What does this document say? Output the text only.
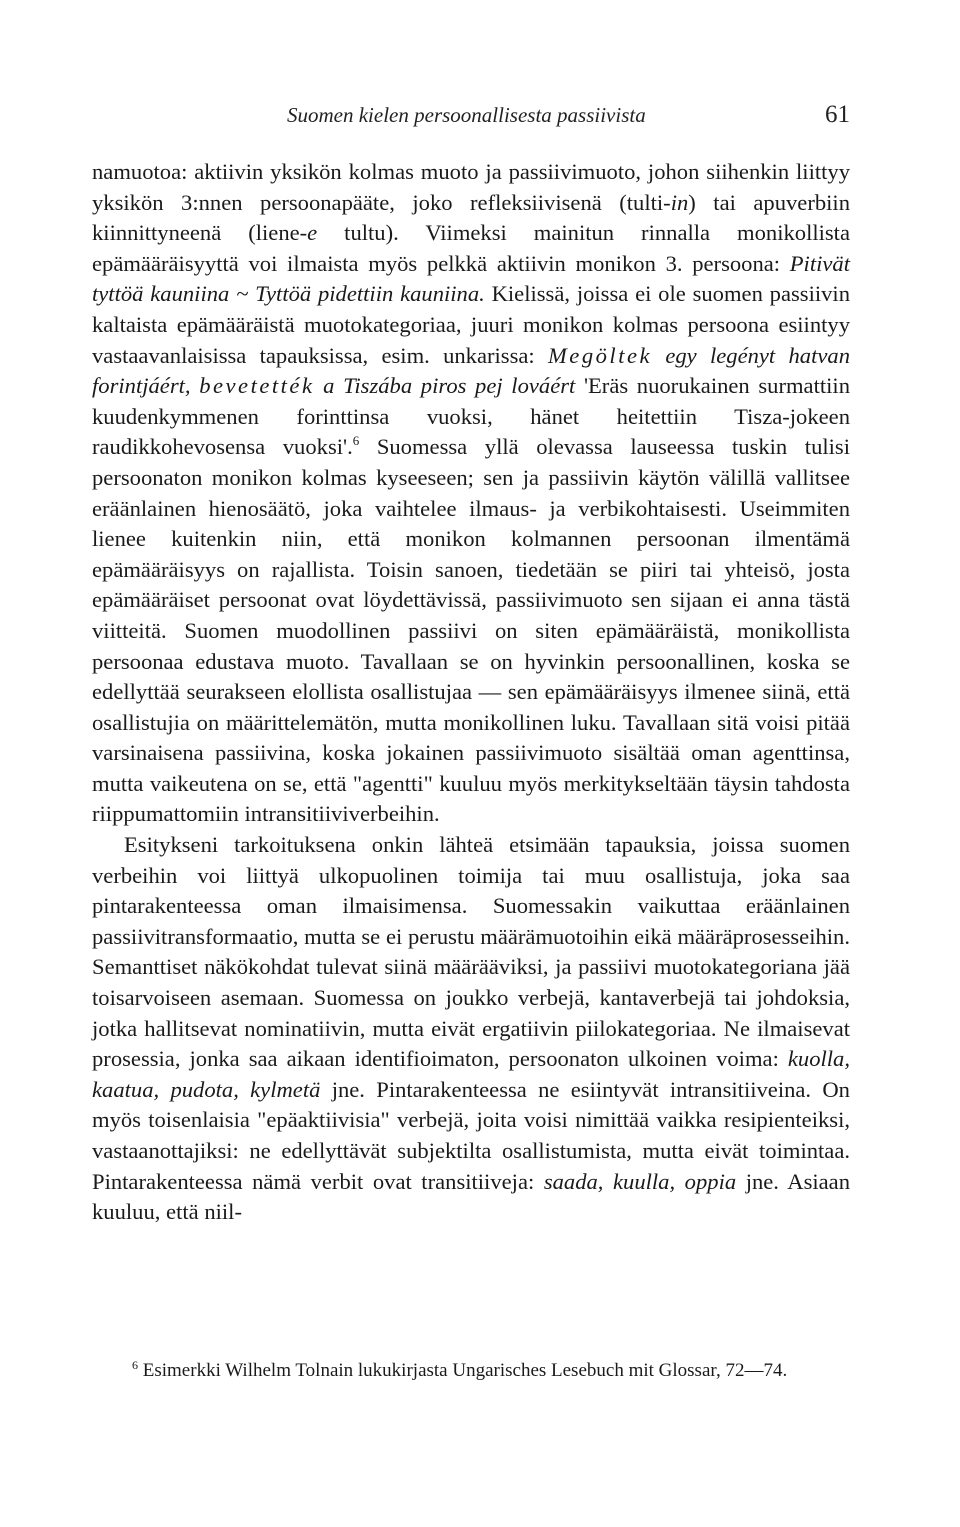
Suomen kielen persoonallisesta passiivista	61

namuotoa: aktiivin yksikön kolmas muoto ja passiivimuoto, johon siihenkin liittyy yksikön 3:nnen persoonapääte, joko refleksiivisenä (tulti-in) tai apuverbiin kiinnittyneenä (liene-e tultu). Viimeksi mainitun rinnalla monikollista epämääräisyyttä voi ilmaista myös pelkkä aktiivin monikon 3. persoona: Pitivät tyttöä kauniina ~ Tyttöä pidettiin kauniina. Kielissä, joissa ei ole suomen passiivin kaltaista epämääräistä muotokategoriaa, juuri monikon kolmas persoona esiintyy vastaavanlaisissa tapauksissa, esim. unkarissa: Megöltek egy legényt hatvan forintjáért, bevetették a Tiszába piros pej lováért 'Eräs nuorukainen surmattiin kuudenkymmenen forinttinsa vuoksi, hänet heitettiin Tisza-jokeen raudikkohevosensa vuoksi'.$^6$ Suomessa yllä olevassa lauseessa tuskin tulisi persoonaton monikon kolmas kyseeseen; sen ja passiivin käytön välillä vallitsee eräänlainen hienosäätö, joka vaihtelee ilmaus- ja verbikohtaisesti. Useimmiten lienee kuitenkin niin, että monikon kolmannen persoonan ilmentämä epämääräisyys on rajallista. Toisin sanoen, tiedetään se piiri tai yhteisö, josta epämääräiset persoonat ovat löydettävissä, passiivimuoto sen sijaan ei anna tästä viitteitä. Suomen muodollinen passiivi on siten epämääräistä, monikollista persoonaa edustava muoto. Tavallaan se on hyvinkin persoonallinen, koska se edellyttää seurakseen elollista osallistujaa — sen epämääräisyys ilmenee siinä, että osallistujia on määrittelemätön, mutta monikollinen luku. Tavallaan sitä voisi pitää varsinaisena passiivina, koska jokainen passiivimuoto sisältää oman agenttinsa, mutta vaikeutena on se, että "agentti" kuuluu myös merkitykseltään täysin tahdosta riippumattomiin intransitiiviverbeihin.

Esitykseni tarkoituksena onkin lähteä etsimään tapauksia, joissa suomen verbeihin voi liittyä ulkopuolinen toimija tai muu osallistuja, joka saa pintarakenteessa oman ilmaisimensa. Suomessakin vaikuttaa eräänlainen passiivitransformaatio, mutta se ei perustu määrämuotoihin eikä määräprosesseihin. Semanttiset näkökohdat tulevat siinä määrääviksi, ja passiivi muotokategoriana jää toisarvoiseen asemaan. Suomessa on joukko verbejä, kantaverbejä tai johdoksia, jotka hallitsevat nominatiivin, mutta eivät ergatiivin piilokategoriaa. Ne ilmaisevat prosessia, jonka saa aikaan identifioimaton, persoonaton ulkoinen voima: kuolla, kaatua, pudota, kylmetä jne. Pintarakenteessa ne esiintyvät intransitiiveina. On myös toisenlaisia "epäaktiivisia" verbejä, joita voisi nimittää vaikka resipienteiksi, vastaanottajiksi: ne edellyttävät subjektilta osallistumista, mutta eivät toimintaa. Pintarakenteessa nämä verbit ovat transitiiveja: saada, kuulla, oppia jne. Asiaan kuuluu, että niil-

$^6$ Esimerkki Wilhelm Tolnain lukukirjasta Ungarisches Lesebuch mit Glossar, 72—74.
